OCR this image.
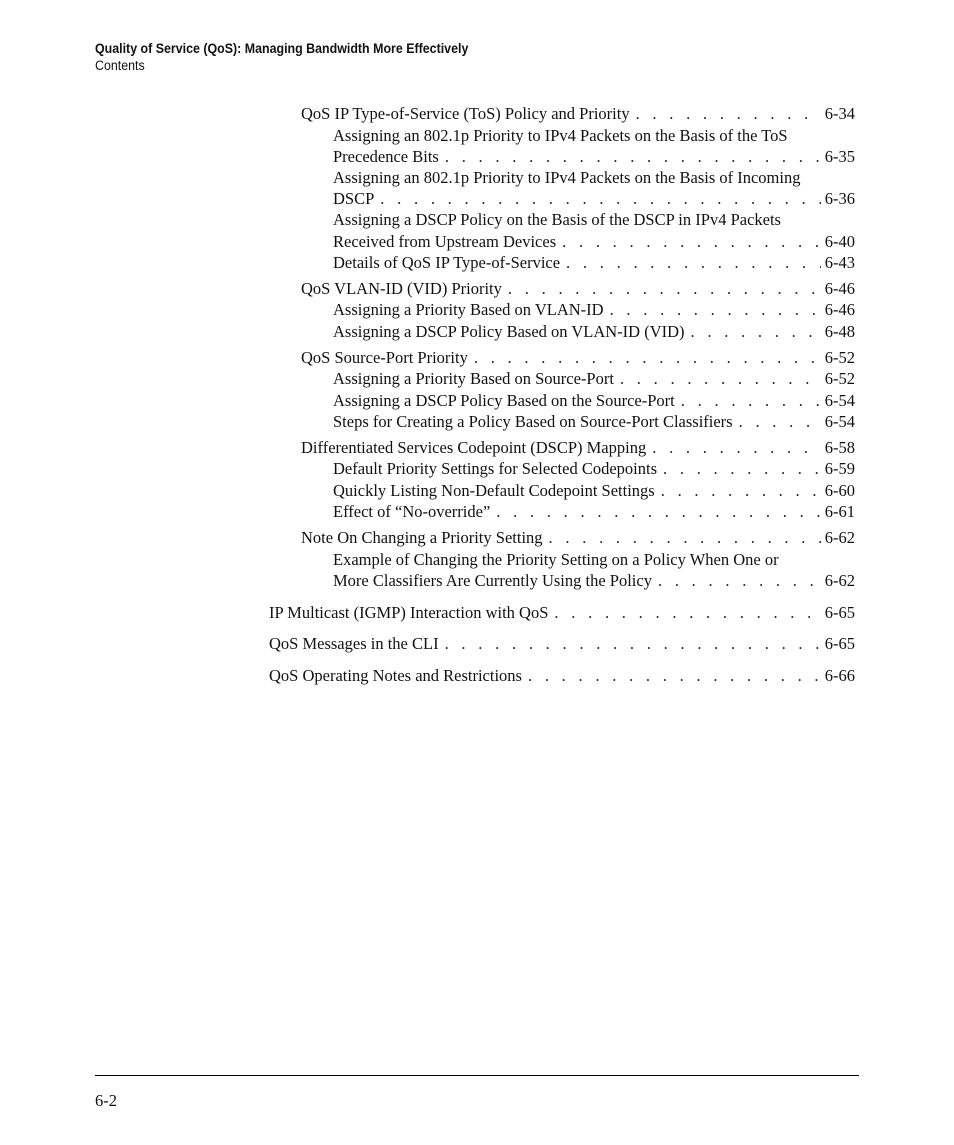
Quality of Service (QoS): Managing Bandwidth More Effectively
Contents
QoS IP Type-of-Service (ToS) Policy and Priority . . .	6-34
Assigning an 802.1p Priority to IPv4 Packets on the Basis of the ToS
Precedence Bits . . .	6-35
Assigning an 802.1p Priority to IPv4 Packets on the Basis of Incoming
DSCP . . .	6-36
Assigning a DSCP Policy on the Basis of the DSCP in IPv4 Packets
Received from Upstream Devices . . .	6-40
Details of QoS IP Type-of-Service . . .	6-43
QoS VLAN-ID (VID) Priority . . .	6-46
Assigning a Priority Based on VLAN-ID . . .	6-46
Assigning a DSCP Policy Based on VLAN-ID (VID) . . .	6-48
QoS Source-Port Priority . . .	6-52
Assigning a Priority Based on Source-Port . . .	6-52
Assigning a DSCP Policy Based on the Source-Port . . .	6-54
Steps for Creating a Policy Based on Source-Port Classifiers . . .	6-54
Differentiated Services Codepoint (DSCP) Mapping . . .	6-58
Default Priority Settings for Selected Codepoints . . .	6-59
Quickly Listing Non-Default Codepoint Settings . . .	6-60
Effect of “No-override” . . .	6-61
Note On Changing a Priority Setting . . .	6-62
Example of Changing the Priority Setting on a Policy When One or
More Classifiers Are Currently Using the Policy . . .	6-62
IP Multicast (IGMP) Interaction with QoS . . .	6-65
QoS Messages in the CLI . . .	6-65
QoS Operating Notes and Restrictions . . .	6-66
6-2
